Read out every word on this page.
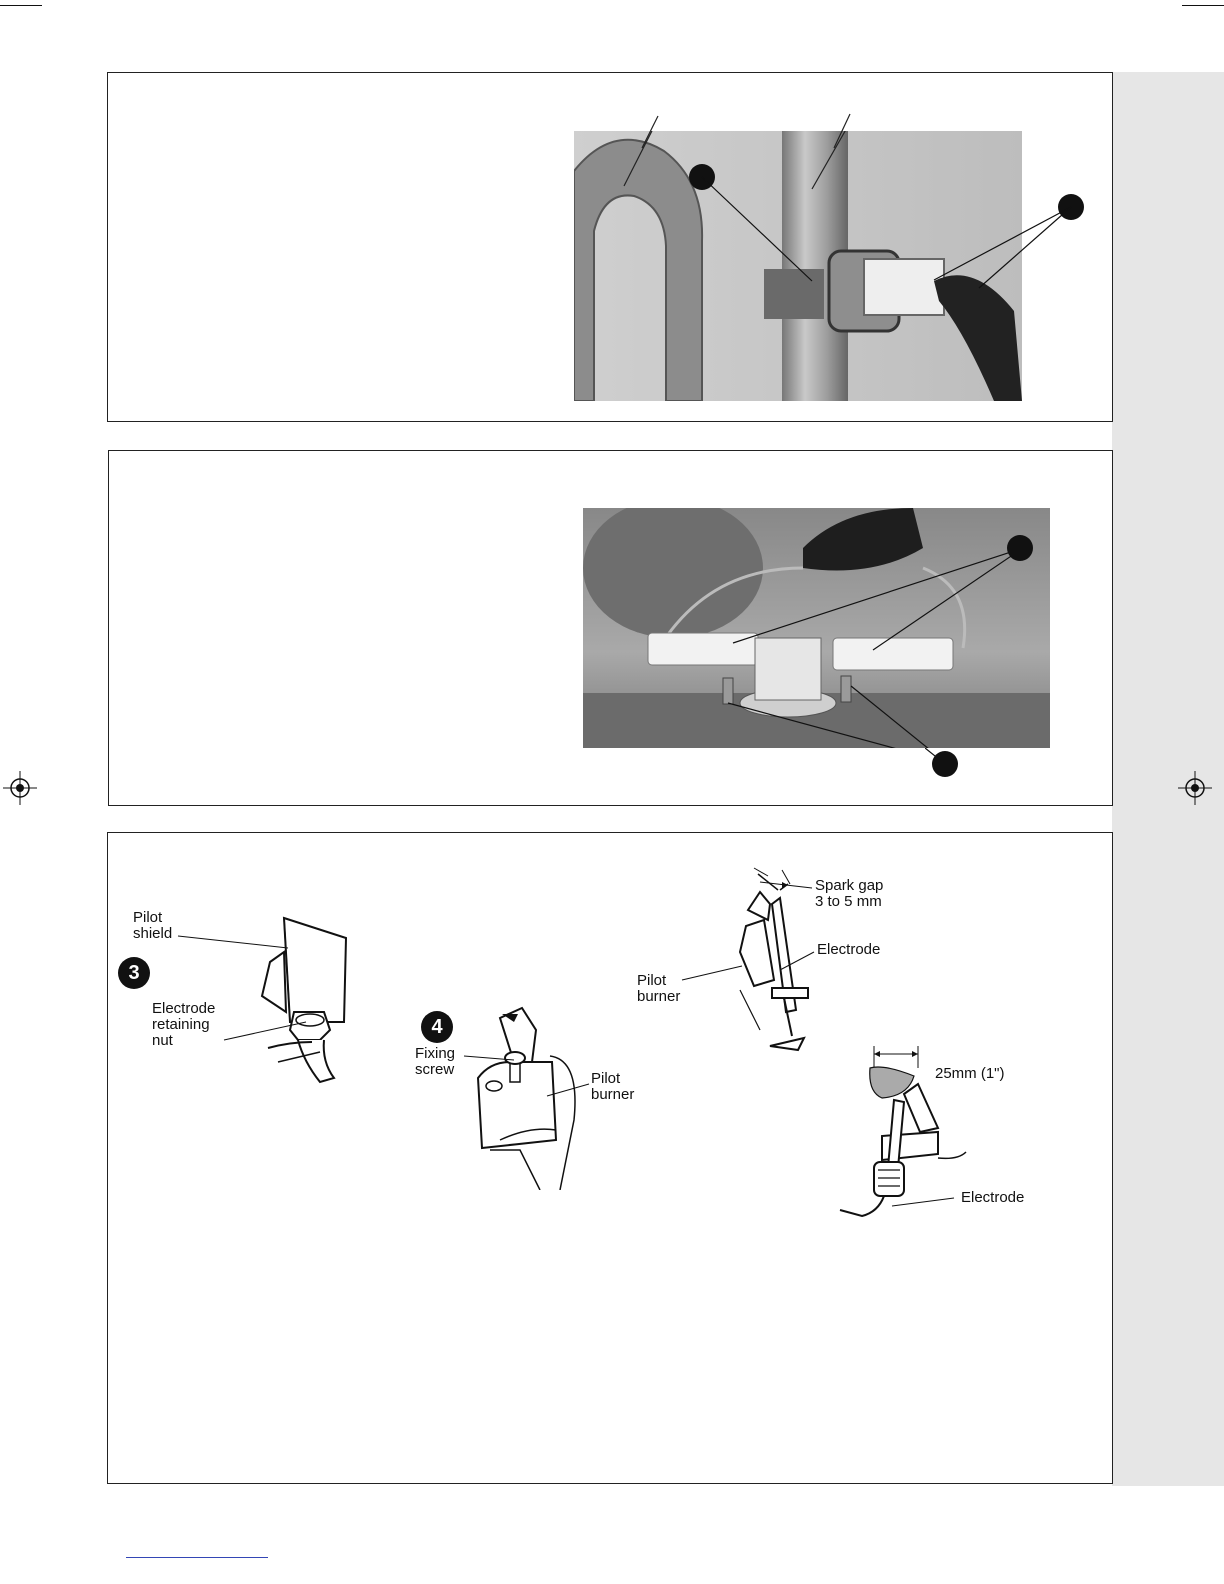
Pilot
shield
3
Electrode
retaining
nut
4
Fixing
screw
Pilot
burner
Spark gap
3 to 5 mm
Electrode
Pilot
burner
25mm (1")
Electrode
